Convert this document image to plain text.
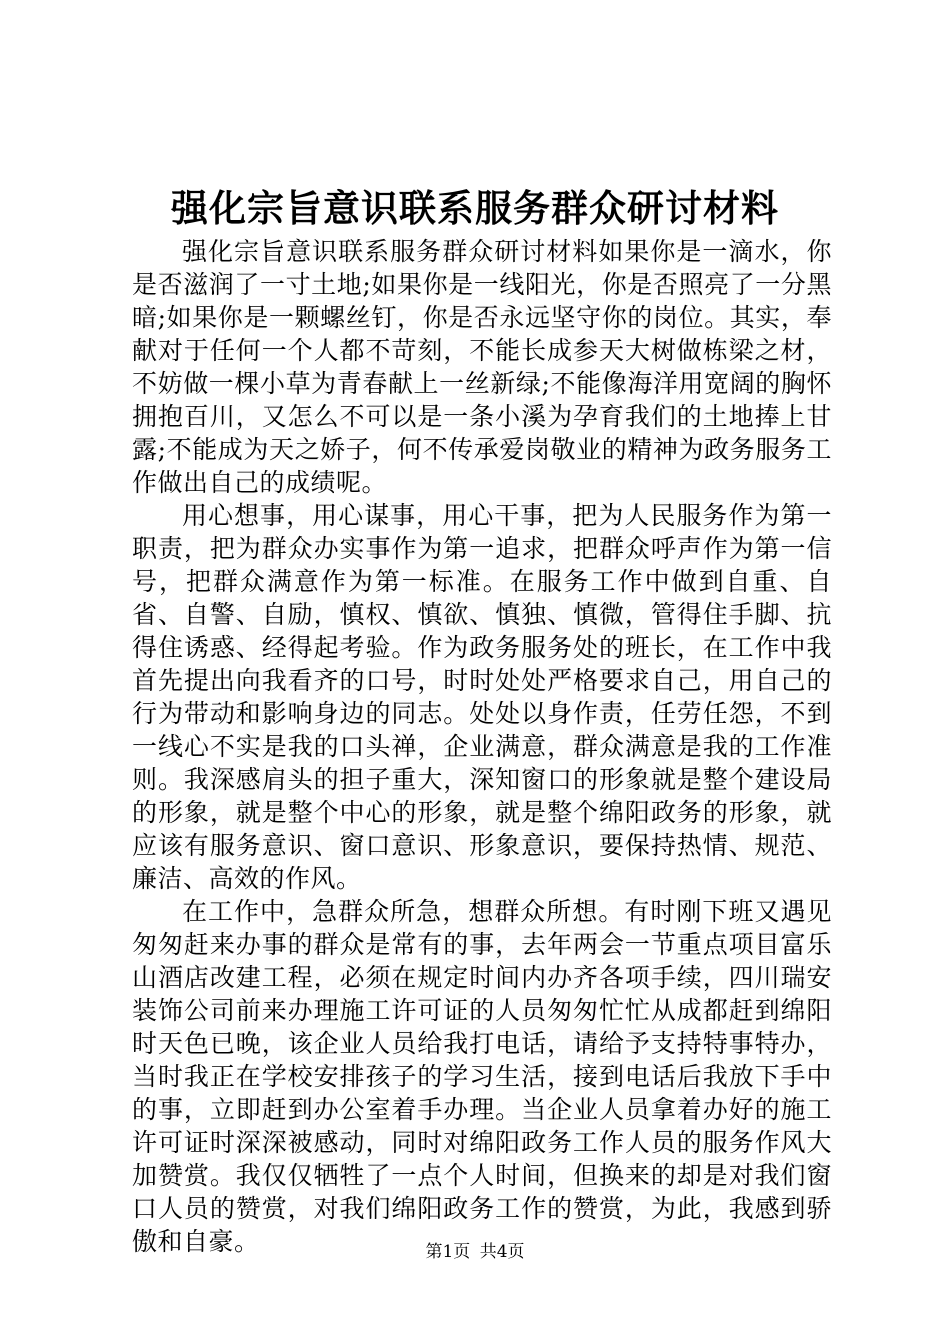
强化宗旨意识联系服务群众研讨材料

强化宗旨意识联系服务群众研讨材料如果你是一滴水，你是否滋润了一寸土地;如果你是一线阳光，你是否照亮了一分黑暗;如果你是一颗螺丝钉，你是否永远坚守你的岗位。其实，奉献对于任何一个人都不苛刻，不能长成参天大树做栋梁之材，不妨做一棵小草为青春献上一丝新绿;不能像海洋用宽阔的胸怀拥抱百川，又怎么不可以是一条小溪为孕育我们的土地捧上甘露;不能成为天之娇子，何不传承爱岗敬业的精神为政务服务工作做出自己的成绩呢。

用心想事，用心谋事，用心干事，把为人民服务作为第一职责，把为群众办实事作为第一追求，把群众呼声作为第一信号，把群众满意作为第一标准。在服务工作中做到自重、自省、自警、自励，慎权、慎欲、慎独、慎微，管得住手脚、抗得住诱惑、经得起考验。作为政务服务处的班长，在工作中我首先提出向我看齐的口号，时时处处严格要求自己，用自己的行为带动和影响身边的同志。处处以身作责，任劳任怨，不到一线心不实是我的口头禅，企业满意，群众满意是我的工作准则。我深感肩头的担子重大，深知窗口的形象就是整个建设局的形象，就是整个中心的形象，就是整个绵阳政务的形象，就应该有服务意识、窗口意识、形象意识，要保持热情、规范、廉洁、高效的作风。

在工作中，急群众所急，想群众所想。有时刚下班又遇见匆匆赶来办事的群众是常有的事，去年两会一节重点项目富乐山酒店改建工程，必须在规定时间内办齐各项手续，四川瑞安装饰公司前来办理施工许可证的人员匆匆忙忙从成都赶到绵阳时天色已晚，该企业人员给我打电话，请给予支持特事特办，当时我正在学校安排孩子的学习生活，接到电话后我放下手中的事，立即赶到办公室着手办理。当企业人员拿着办好的施工许可证时深深被感动，同时对绵阳政务工作人员的服务作风大加赞赏。我仅仅牺牲了一点个人时间，但换来的却是对我们窗口人员的赞赏，对我们绵阳政务工作的赞赏，为此，我感到骄傲和自豪。	第1页 共4页
